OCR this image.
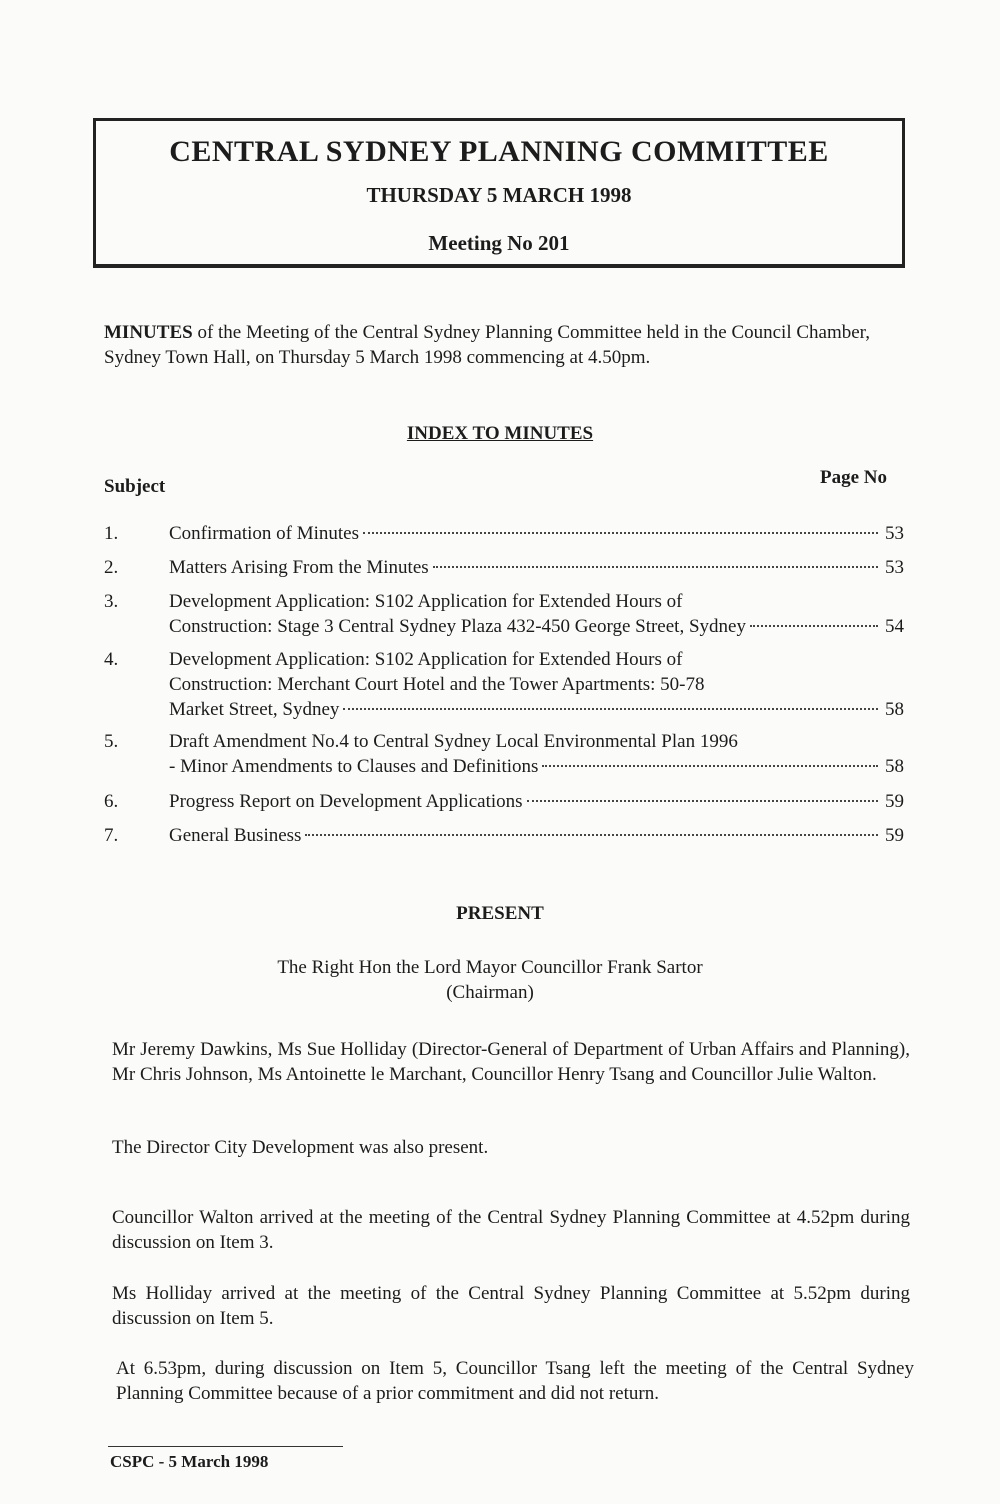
CENTRAL SYDNEY PLANNING COMMITTEE
THURSDAY 5 MARCH 1998
Meeting No 201
MINUTES of the Meeting of the Central Sydney Planning Committee held in the Council Chamber, Sydney Town Hall, on Thursday 5 March 1998 commencing at 4.50pm.
INDEX TO MINUTES
Subject	Page No
1.	Confirmation of Minutes	53
2.	Matters Arising From the Minutes	53
3.	Development Application: S102 Application for Extended Hours of
Construction: Stage 3 Central Sydney Plaza 432-450 George Street, Sydney	54
4.	Development Application: S102 Application for Extended Hours of
Construction: Merchant Court Hotel and the Tower Apartments: 50-78
Market Street, Sydney	58
5.	Draft Amendment No.4 to Central Sydney Local Environmental Plan 1996
- Minor Amendments to Clauses and Definitions	58
6.	Progress Report on Development Applications	59
7.	General Business	59
PRESENT
The Right Hon the Lord Mayor Councillor Frank Sartor
(Chairman)
Mr Jeremy Dawkins, Ms Sue Holliday (Director-General of Department of Urban Affairs and Planning), Mr Chris Johnson, Ms Antoinette le Marchant, Councillor Henry Tsang and Councillor Julie Walton.
The Director City Development was also present.
Councillor Walton arrived at the meeting of the Central Sydney Planning Committee at 4.52pm during discussion on Item 3.
Ms Holliday arrived at the meeting of the Central Sydney Planning Committee at 5.52pm during discussion on Item 5.
At 6.53pm, during discussion on Item 5, Councillor Tsang left the meeting of the Central Sydney Planning Committee because of a prior commitment and did not return.
CSPC - 5 March 1998
